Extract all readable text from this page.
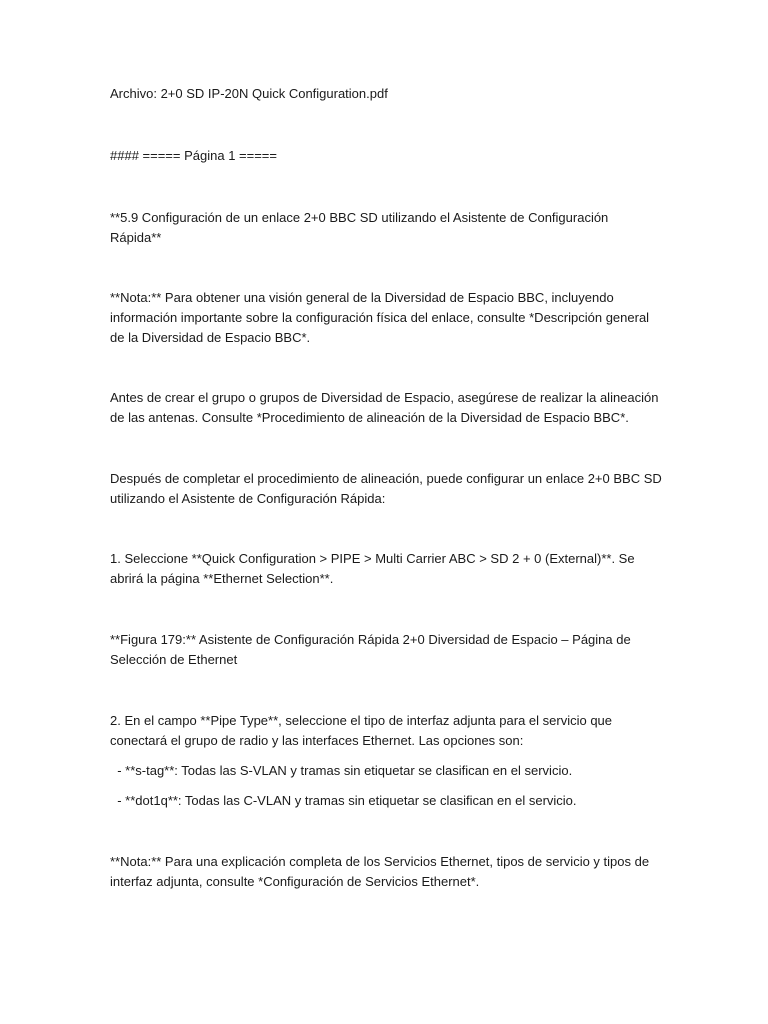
Archivo: 2+0 SD IP-20N Quick Configuration.pdf
#### ===== Página 1 =====
**5.9 Configuración de un enlace 2+0 BBC SD utilizando el Asistente de Configuración
Rápida**
**Nota:** Para obtener una visión general de la Diversidad de Espacio BBC, incluyendo
información importante sobre la configuración física del enlace, consulte *Descripción general
de la Diversidad de Espacio BBC*.
Antes de crear el grupo o grupos de Diversidad de Espacio, asegúrese de realizar la alineación
de las antenas. Consulte *Procedimiento de alineación de la Diversidad de Espacio BBC*.
Después de completar el procedimiento de alineación, puede configurar un enlace 2+0 BBC SD
utilizando el Asistente de Configuración Rápida:
1. Seleccione **Quick Configuration > PIPE > Multi Carrier ABC > SD 2 + 0 (External)**. Se
abrirá la página **Ethernet Selection**.
**Figura 179:** Asistente de Configuración Rápida 2+0 Diversidad de Espacio – Página de
Selección de Ethernet
2. En el campo **Pipe Type**, seleccione el tipo de interfaz adjunta para el servicio que
conectará el grupo de radio y las interfaces Ethernet. Las opciones son:
- **s-tag**: Todas las S-VLAN y tramas sin etiquetar se clasifican en el servicio.
- **dot1q**: Todas las C-VLAN y tramas sin etiquetar se clasifican en el servicio.
**Nota:** Para una explicación completa de los Servicios Ethernet, tipos de servicio y tipos de
interfaz adjunta, consulte *Configuración de Servicios Ethernet*.
